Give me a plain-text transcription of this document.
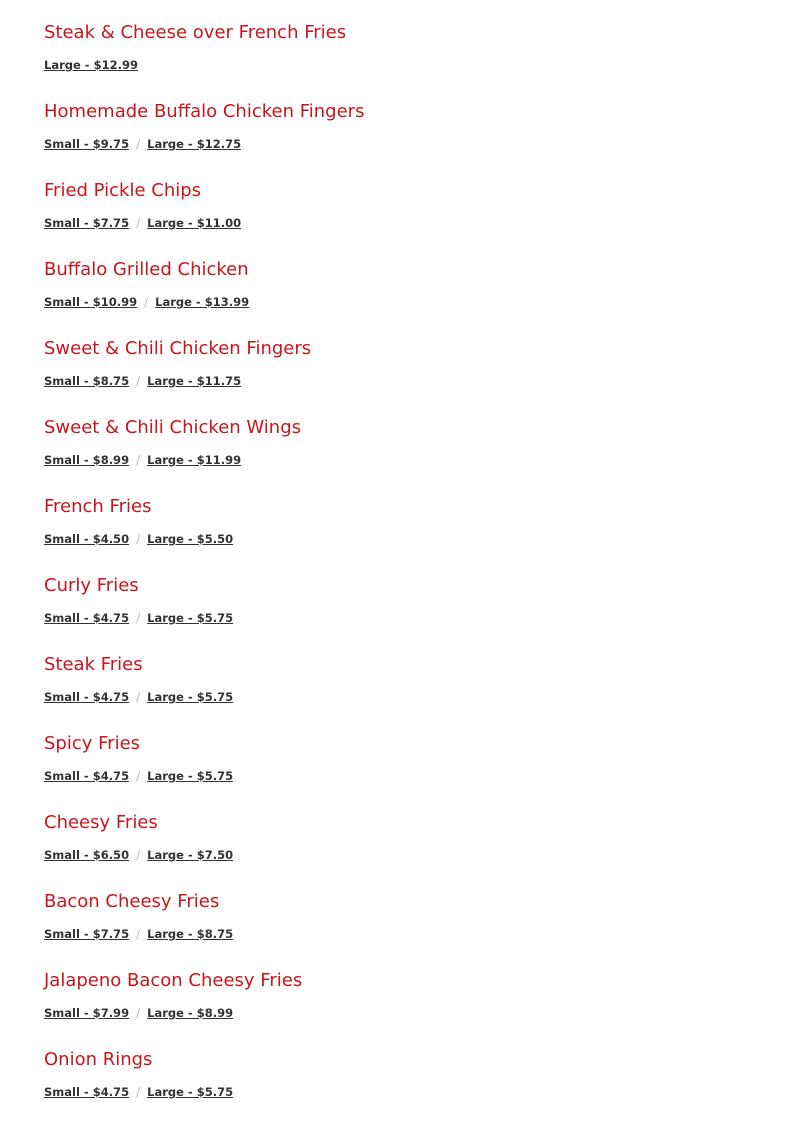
Steak & Cheese over French Fries
Large - $12.99
Homemade Buffalo Chicken Fingers
Small - $9.75 / Large - $12.75
Fried Pickle Chips
Small - $7.75 / Large - $11.00
Buffalo Grilled Chicken
Small - $10.99 / Large - $13.99
Sweet & Chili Chicken Fingers
Small - $8.75 / Large - $11.75
Sweet & Chili Chicken Wings
Small - $8.99 / Large - $11.99
French Fries
Small - $4.50 / Large - $5.50
Curly Fries
Small - $4.75 / Large - $5.75
Steak Fries
Small - $4.75 / Large - $5.75
Spicy Fries
Small - $4.75 / Large - $5.75
Cheesy Fries
Small - $6.50 / Large - $7.50
Bacon Cheesy Fries
Small - $7.75 / Large - $8.75
Jalapeno Bacon Cheesy Fries
Small - $7.99 / Large - $8.99
Onion Rings
Small - $4.75 / Large - $5.75
